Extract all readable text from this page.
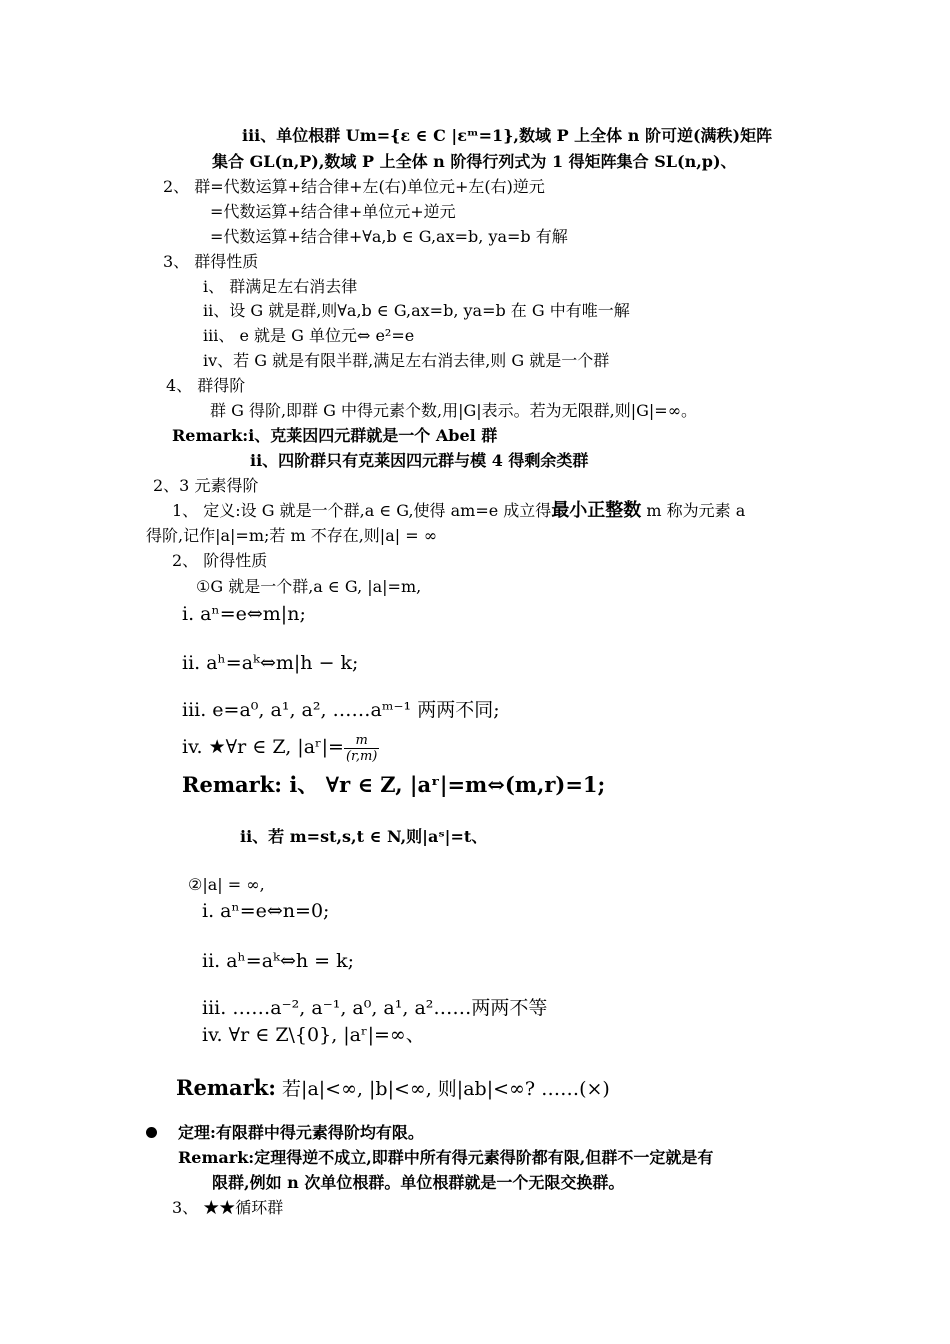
iii、单位根群 Um={ε ∈ C |εᵐ=1},数域 P 上全体 n 阶可逆(满秩)矩阵
集合 GL(n,P),数域 P 上全体 n 阶得行列式为 1 得矩阵集合 SL(n,p)、
2、 群=代数运算+结合律+左(右)单位元+左(右)逆元
=代数运算+结合律+单位元+逆元
=代数运算+结合律+∀a,b ∈ G,ax=b, ya=b 有解
3、 群得性质
i、 群满足左右消去律
ii、设 G 就是群,则∀a,b ∈ G,ax=b, ya=b 在 G 中有唯一解
iii、 e 就是 G 单位元⇔ e²=e
iv、若 G 就是有限半群,满足左右消去律,则 G 就是一个群
4、 群得阶
群 G 得阶,即群 G 中得元素个数,用|G|表示。若为无限群,则|G|=∞。
Remark:i、克莱因四元群就是一个 Abel 群
ii、四阶群只有克莱因四元群与模 4 得剩余类群
2、3 元素得阶
1、 定义:设 G 就是一个群,a ∈ G,使得 am=e 成立得最小正整数 m 称为元素 a
得阶,记作|a|=m;若 m 不存在,则|a| = ∞
2、 阶得性质
①G 就是一个群,a ∈ G, |a|=m,
i. aⁿ=e⇔m|n;
ii. aʰ=aᵏ⇔m|h − k;
iii. e=a⁰, a¹, a², ……aᵐ⁻¹ 两两不同;
iv. ★∀r ∈ Z, |aʳ|= $\frac{m}{(r,m)}$
Remark: i、 ∀r ∈ Z, |aʳ|=m⇔(m,r)=1;
ii、若 m=st,s,t ∈ N,则|aˢ|=t、
②|a| = ∞,
i. aⁿ=e⇔n=0;
ii. aʰ=aᵏ⇔h = k;
iii. ……a⁻², a⁻¹, a⁰, a¹, a²……两两不等
iv. ∀r ∈ Z\{0}, |aʳ|=∞、
Remark: 若|a|<∞, |b|<∞, 则|ab|<∞? ……(×)
定理:有限群中得元素得阶均有限。
Remark:定理得逆不成立,即群中所有得元素得阶都有限,但群不一定就是有
限群,例如 n 次单位根群。单位根群就是一个无限交换群。
3、 ★★循环群
